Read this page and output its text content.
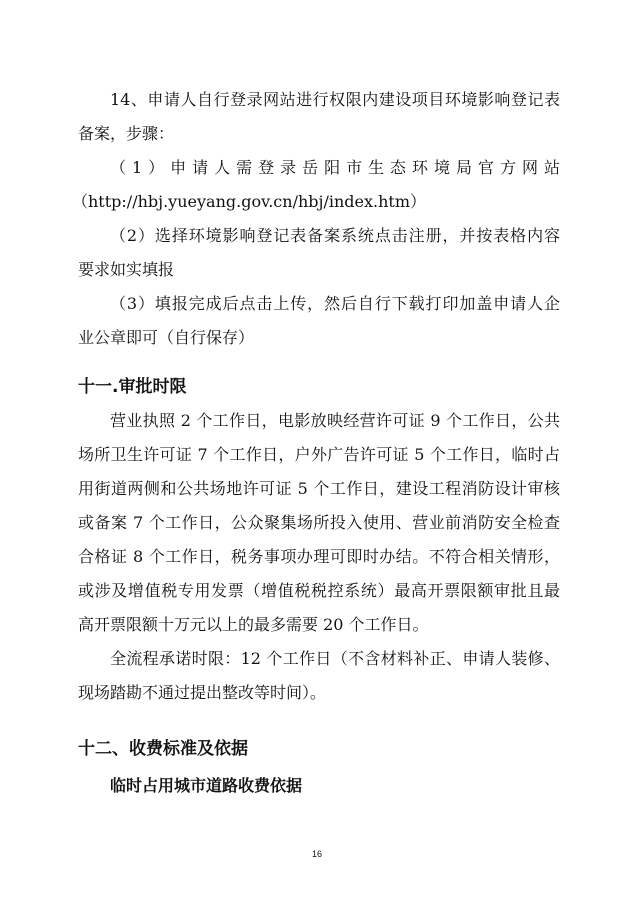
14、申请人自行登录网站进行权限内建设项目环境影响登记表
备案，步骤：
（1）申请人需登录岳阳市生态环境局官方网站
（http://hbj.yueyang.gov.cn/hbj/index.htm）
（2）选择环境影响登记表备案系统点击注册，并按表格内容
要求如实填报
（3）填报完成后点击上传，然后自行下载打印加盖申请人企
业公章即可（自行保存）
十一.审批时限
营业执照 2 个工作日，电影放映经营许可证 9 个工作日，公共
场所卫生许可证 7 个工作日，户外广告许可证 5 个工作日，临时占
用街道两侧和公共场地许可证 5 个工作日，建设工程消防设计审核
或备案 7 个工作日，公众聚集场所投入使用、营业前消防安全检查
合格证 8 个工作日，税务事项办理可即时办结。不符合相关情形，
或涉及增值税专用发票（增值税税控系统）最高开票限额审批且最
高开票限额十万元以上的最多需要 20 个工作日。
全流程承诺时限：12 个工作日（不含材料补正、申请人装修、
现场踏勘不通过提出整改等时间）。
十二、收费标准及依据
临时占用城市道路收费依据
16
